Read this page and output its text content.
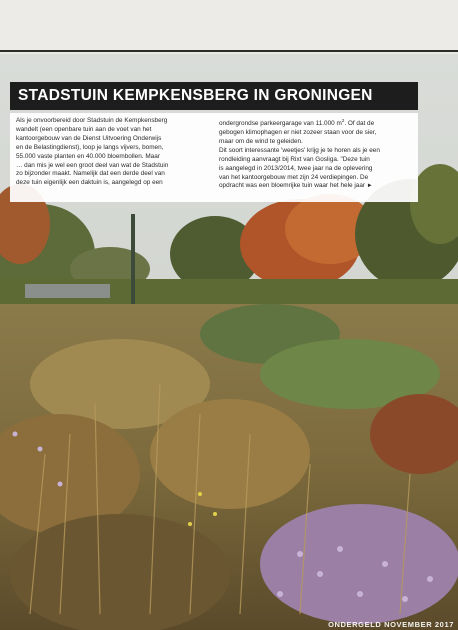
STADSTUIN KEMPKENSBERG IN GRONINGEN
Als je onvoorbereid door Stadstuin de Kempkensberg
wandelt (een openbare tuin aan de voet van het
kantoorgebouw van de Dienst Uitvoering Onderwijs
en de Belastingdienst), loop je langs vijvers, bomen,
55.000 vaste planten en 40.000 bloembollen. Maar
… dan mis je wel een groot deel van wat de Stadstuin
zo bijzonder maakt. Namelijk dat een derde deel van
deze tuin eigenlijk een daktuin is, aangelegd op een
ondergrondse parkeergarage van 11.000 $m^2$. Of dat de
gebogen klimophagen er niet zozeer staan voor de sier,
maar om de wind te geleiden.
Dit soort interessante 'weetjes' krijg je te horen als je een
rondleiding aanvraagt bij Rixt van Gosliga. "Deze tuin
is aangelegd in 2013/2014, twee jaar na de oplevering
van het kantoorgebouw met zijn 24 verdiepingen. De
opdracht was een bloemrijke tuin waar het hele jaar ►
ONDERGELD NOVEMBER 2017
